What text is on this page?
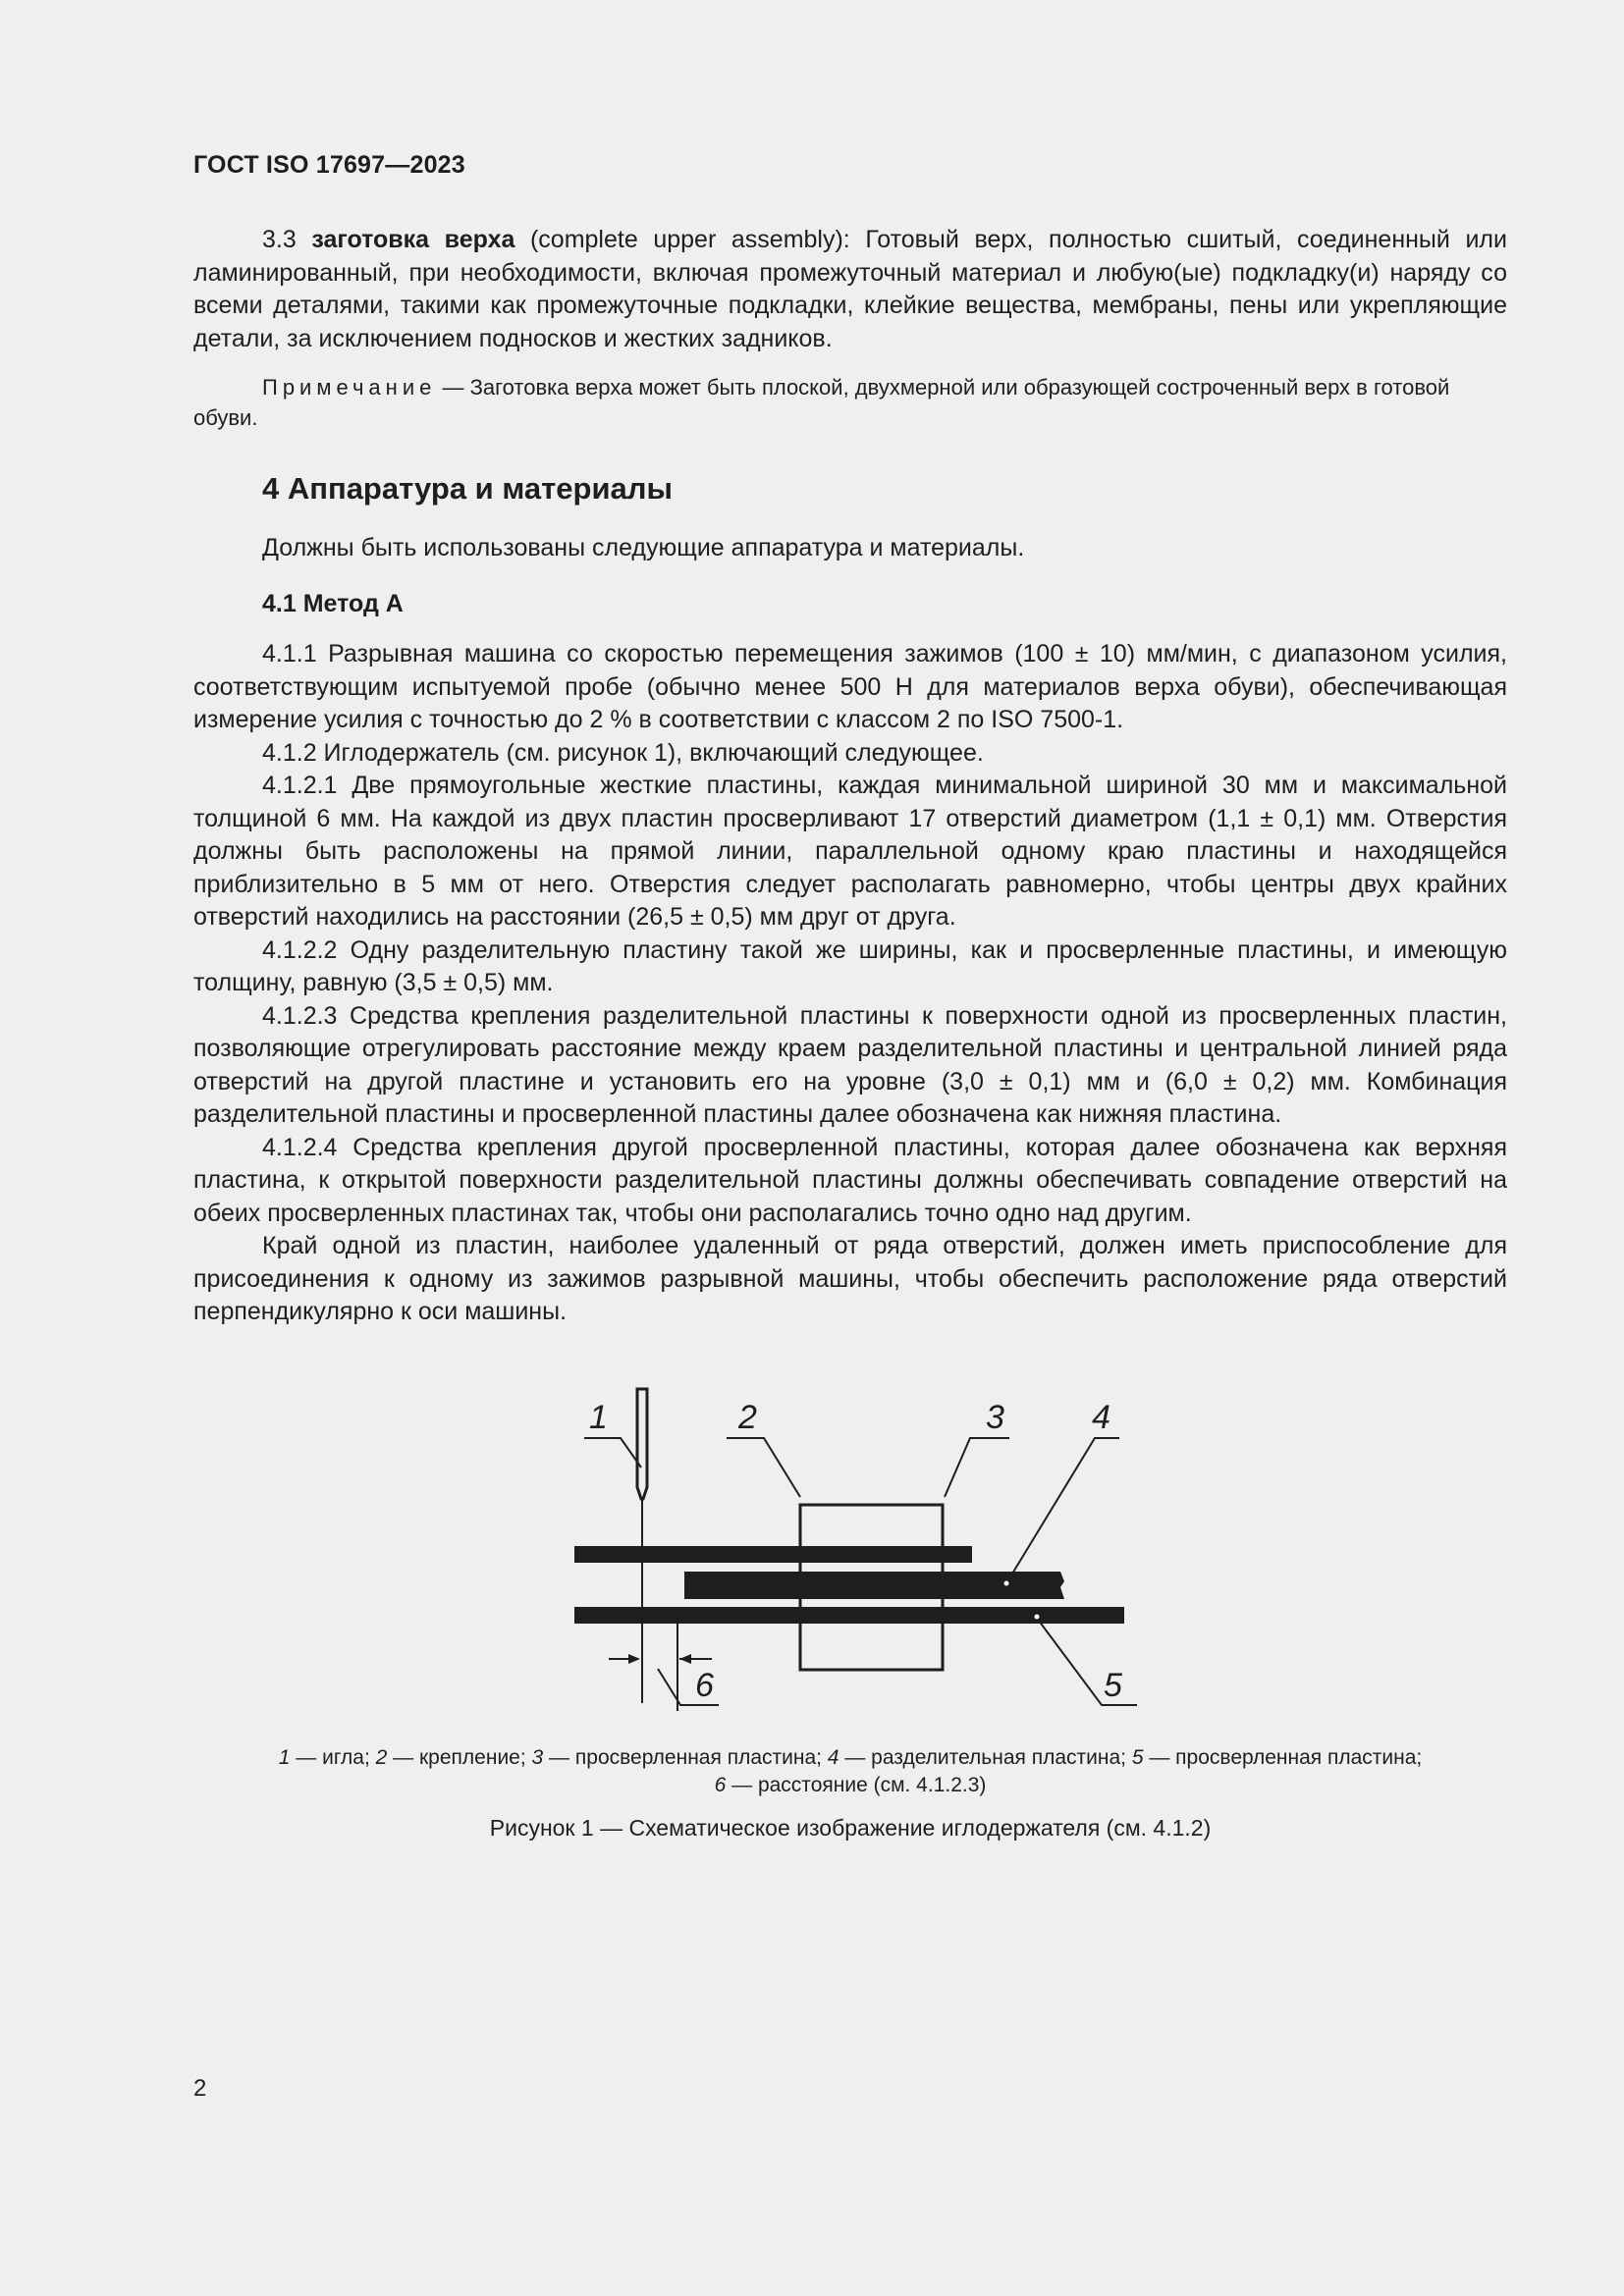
ГОСТ ISO 17697—2023

3.3 заготовка верха (complete upper assembly): Готовый верх, полностью сшитый, соединенный или ламинированный, при необходимости, включая промежуточный материал и любую(ые) подкладку(и) наряду со всеми деталями, такими как промежуточные подкладки, клейкие вещества, мембраны, пены или укрепляющие детали, за исключением подносков и жестких задников.

Примечание — Заготовка верха может быть плоской, двухмерной или образующей состроченный верх в готовой обуви.
4 Аппаратура и материалы
Должны быть использованы следующие аппаратура и материалы.
4.1 Метод А

4.1.1 Разрывная машина со скоростью перемещения зажимов (100 ± 10) мм/мин, с диапазоном усилия, соответствующим испытуемой пробе (обычно менее 500 Н для материалов верха обуви), обеспечивающая измерение усилия с точностью до 2 % в соответствии с классом 2 по ISO 7500-1.

4.1.2 Иглодержатель (см. рисунок 1), включающий следующее.

4.1.2.1 Две прямоугольные жесткие пластины, каждая минимальной шириной 30 мм и максимальной толщиной 6 мм. На каждой из двух пластин просверливают 17 отверстий диаметром (1,1 ± 0,1) мм. Отверстия должны быть расположены на прямой линии, параллельной одному краю пластины и находящейся приблизительно в 5 мм от него. Отверстия следует располагать равномерно, чтобы центры двух крайних отверстий находились на расстоянии (26,5 ± 0,5) мм друг от друга.

4.1.2.2 Одну разделительную пластину такой же ширины, как и просверленные пластины, и имеющую толщину, равную (3,5 ± 0,5) мм.

4.1.2.3 Средства крепления разделительной пластины к поверхности одной из просверленных пластин, позволяющие отрегулировать расстояние между краем разделительной пластины и центральной линией ряда отверстий на другой пластине и установить его на уровне (3,0 ± 0,1) мм и (6,0 ± 0,2) мм. Комбинация разделительной пластины и просверленной пластины далее обозначена как нижняя пластина.

4.1.2.4 Средства крепления другой просверленной пластины, которая далее обозначена как верхняя пластина, к открытой поверхности разделительной пластины должны обеспечивать совпадение отверстий на обеих просверленных пластинах так, чтобы они располагались точно одно над другим.

Край одной из пластин, наиболее удаленный от ряда отверстий, должен иметь приспособление для присоединения к одному из зажимов разрывной машины, чтобы обеспечить расположение ряда отверстий перпендикулярно к оси машины.

1	2	3	4
5
6
1 — игла; 2 — крепление; 3 — просверленная пластина; 4 — разделительная пластина; 5 — просверленная пластина;
6 — расстояние (см. 4.1.2.3)
Рисунок 1 — Схематическое изображение иглодержателя (см. 4.1.2)
2
